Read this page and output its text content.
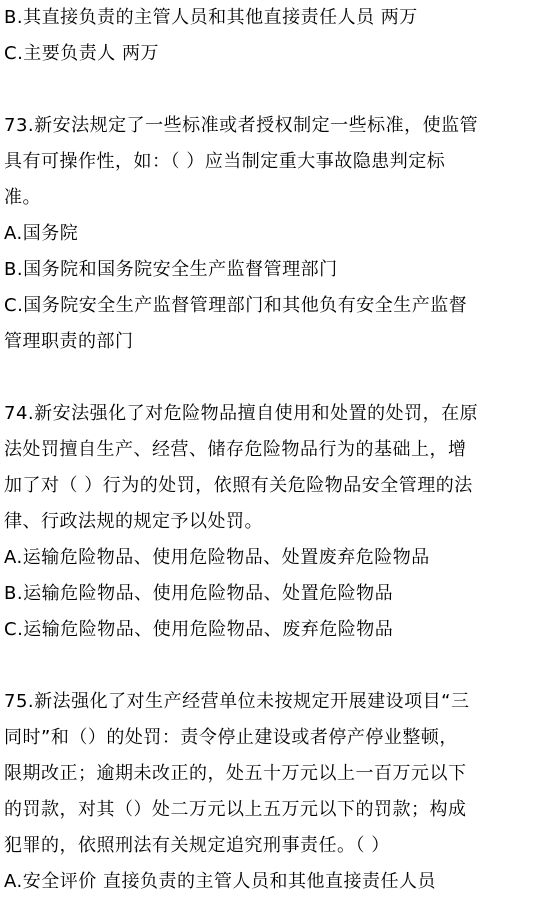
B.其直接负责的主管人员和其他直接责任人员 两万
C.主要负责人 两万
73.新安法规定了一些标准或者授权制定一些标准，使监管
具有可操作性，如：（ ）应当制定重大事故隐患判定标
准。
A.国务院
B.国务院和国务院安全生产监督管理部门
C.国务院安全生产监督管理部门和其他负有安全生产监督
管理职责的部门
74.新安法强化了对危险物品擅自使用和处置的处罚，在原
法处罚擅自生产、经营、储存危险物品行为的基础上，增
加了对（ ）行为的处罚，依照有关危险物品安全管理的法
律、行政法规的规定予以处罚。
A.运输危险物品、使用危险物品、处置废弃危险物品
B.运输危险物品、使用危险物品、处置危险物品
C.运输危险物品、使用危险物品、废弃危险物品
75.新法强化了对生产经营单位未按规定开展建设项目“三
同时”和（）的处罚：责令停止建设或者停产停业整顿，
限期改正；逾期未改正的，处五十万元以上一百万元以下
的罚款，对其（）处二万元以上五万元以下的罚款；构成
犯罪的，依照刑法有关规定追究刑事责任。（ ）
A.安全评价 直接负责的主管人员和其他直接责任人员
